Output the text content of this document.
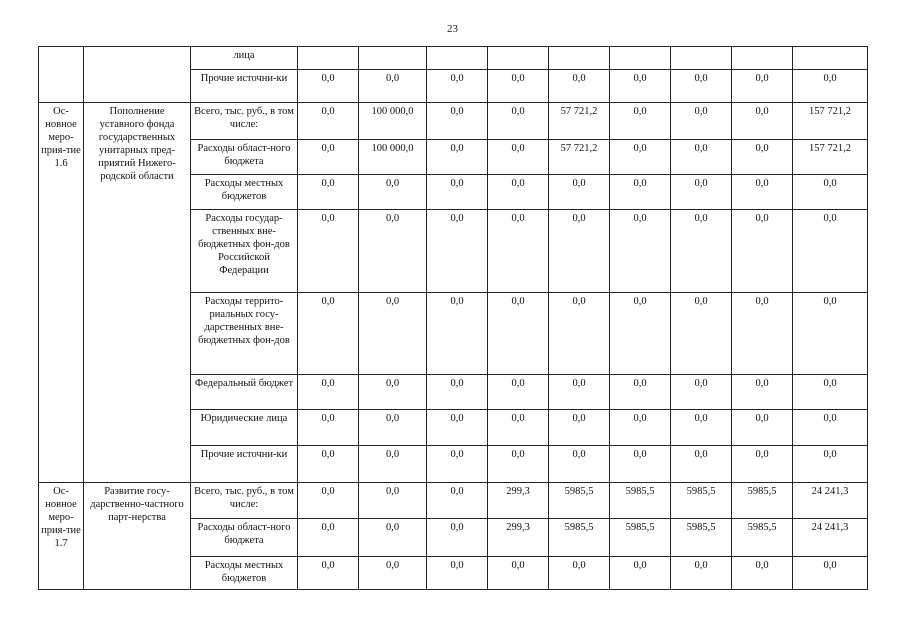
23
		лица									
		Прочие источни-ки	0,0	0,0	0,0	0,0	0,0	0,0	0,0	0,0	0,0
Ос-новное меро-прия-тие 1.6	Пополнение уставного фонда государственных унитарных пред-приятий Нижего-родской области	Всего, тыс. руб., в том числе:	0,0	100 000,0	0,0	0,0	57 721,2	0,0	0,0	0,0	157 721,2
		Расходы област-ного бюджета	0,0	100 000,0	0,0	0,0	57 721,2	0,0	0,0	0,0	157 721,2
		Расходы местных бюджетов	0,0	0,0	0,0	0,0	0,0	0,0	0,0	0,0	0,0
		Расходы государ-ственных вне-бюджетных фон-дов Российской Федерации	0,0	0,0	0,0	0,0	0,0	0,0	0,0	0,0	0,0
		Расходы террито-риальных госу-дарственных вне-бюджетных фон-дов	0,0	0,0	0,0	0,0	0,0	0,0	0,0	0,0	0,0
		Федеральный бюджет	0,0	0,0	0,0	0,0	0,0	0,0	0,0	0,0	0,0
		Юридические лица	0,0	0,0	0,0	0,0	0,0	0,0	0,0	0,0	0,0
		Прочие источни-ки	0,0	0,0	0,0	0,0	0,0	0,0	0,0	0,0	0,0
Ос-новное меро-прия-тие 1.7	Развитие госу-дарственно-частного парт-нерства	Всего, тыс. руб., в том числе:	0,0	0,0	0,0	299,3	5985,5	5985,5	5985,5	5985,5	24 241,3
		Расходы област-ного бюджета	0,0	0,0	0,0	299,3	5985,5	5985,5	5985,5	5985,5	24 241,3
		Расходы местных бюджетов	0,0	0,0	0,0	0,0	0,0	0,0	0,0	0,0	0,0
